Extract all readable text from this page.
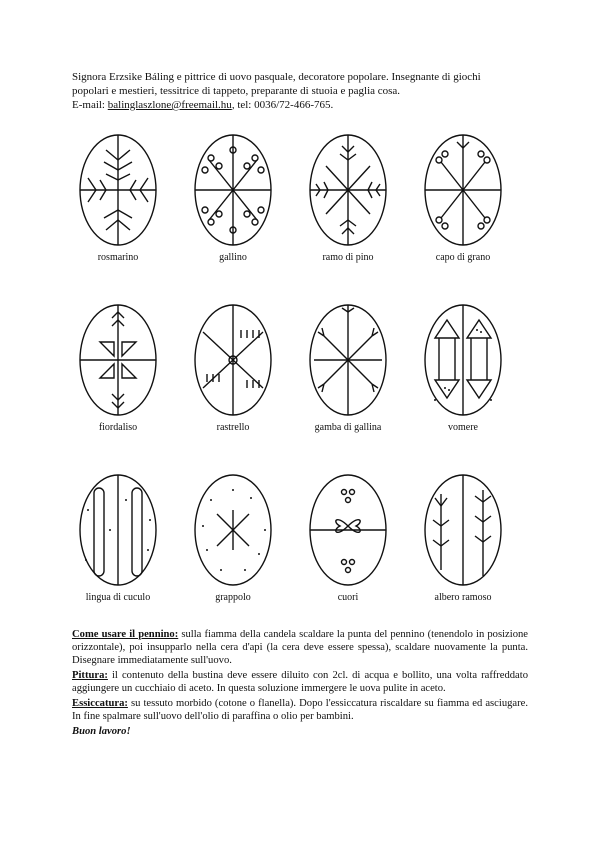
Signora Erzsike Báling e pittrice di uovo pasquale, decoratore popolare. Insegnante di giochi
popolari e mestieri, tessitrice di tappeto, preparante di stuoia e paglia cosa.
E-mail: balinglaszlone@freemail.hu, tel: 0036/72-466-765.
rosmarino	gallino	ramo di pino	capo di grano
fiordaliso	rastrello	gamba di gallina	vomere
lingua di cuculo	grappolo	cuori	albero ramoso

Come usare il pennino: sulla fiamma della candela scaldare la punta del pennino (tenendolo in posizione orizzontale), poi insupparlo nella cera d'api (la cera deve essere spessa), scaldare nuovamente la punta. Disegnare immediatamente sull'uovo.

Pittura: il contenuto della bustina deve essere diluito con 2cl. di acqua e bollito, una volta raffreddato aggiungere un cucchiaio di aceto. In questa soluzione immergere le uova pulite in aceto.

Essiccatura: su tessuto morbido (cotone o flanella). Dopo l'essiccatura riscaldare su fiamma ed asciugare. In fine spalmare sull'uovo dell'olio di paraffina o olio per bambini.

Buon lavoro!
